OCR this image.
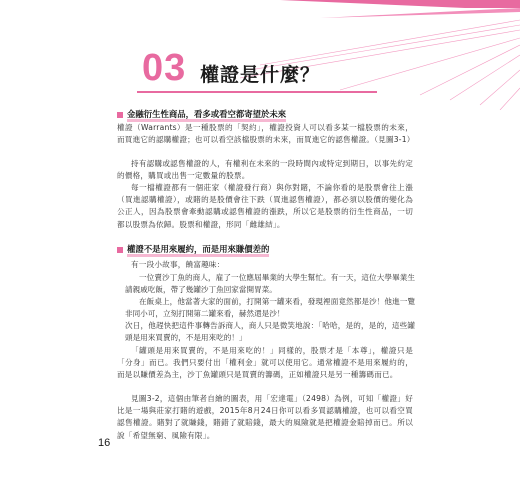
03 權證是什麼？
金融衍生性商品，看多或看空都寄望於未來
權證（Warrants）是一種股票的「契約」，權證投資人可以看多某一檔股票的未來，而買進它的認購權證；也可以看空該檔股票的未來，而買進它的認售權證。（見圖3-1）
持有認購或認售權證的人，有權利在未來的一段時間內或特定到期日，以事先約定的價格，購買或出售一定數量的股票。
每一檔權證都有一個莊家（權證發行商）與你對賭，不論你看的是股票會往上漲（買進認購權證），或賭的是股價會往下跌（買進認售權證），都必須以股價的變化為公正人，因為股票會牽動認購或認售權證的漲跌，所以它是股票的衍生性商品，一切都以股票為依歸。股票和權證，形同「雌雄結」。
權證不是用來履約，而是用來賺價差的
有一段小故事，饒富趣味：
一位賣沙丁魚的商人，雇了一位應屆畢業的大學生幫忙。有一天，這位大學畢業生請親戚吃飯，帶了幾罐沙丁魚回家當開胃菜。
在飯桌上，他當著大家的面前，打開第一罐來看，發現裡面竟然都是沙！他進一覽非同小可，立刻打開第二罐來看，赫然還是沙！
次日，他趕快把這件事轉告訴商人，商人只是微笑地說：「哈哈，是的，是的，這些罐頭是用來買賣的，不是用來吃的！」
「罐頭是用來買賣的，不是用來吃的！」同樣的，股票才是「本尊」，權證只是「分身」而已。我們只要付出「權利金」就可以使用它。通常權證不是用來履約的，而是以賺價差為主，沙丁魚罐頭只是買賣的籌碼，正如權證只是另一種籌碼而已。
見圖3-2，這個由筆者自繪的圖表，用「宏達電」（2498）為例，可知「權證」好比是一場與莊家打賭的遊戲，2015年8月24日你可以看多買認購權證，也可以看空買認售權證。賭對了就賺錢，賭錯了就賠錢，最大的風險就是把權證金賠掉而已。所以說「希望無窮、風險有限」。
16
